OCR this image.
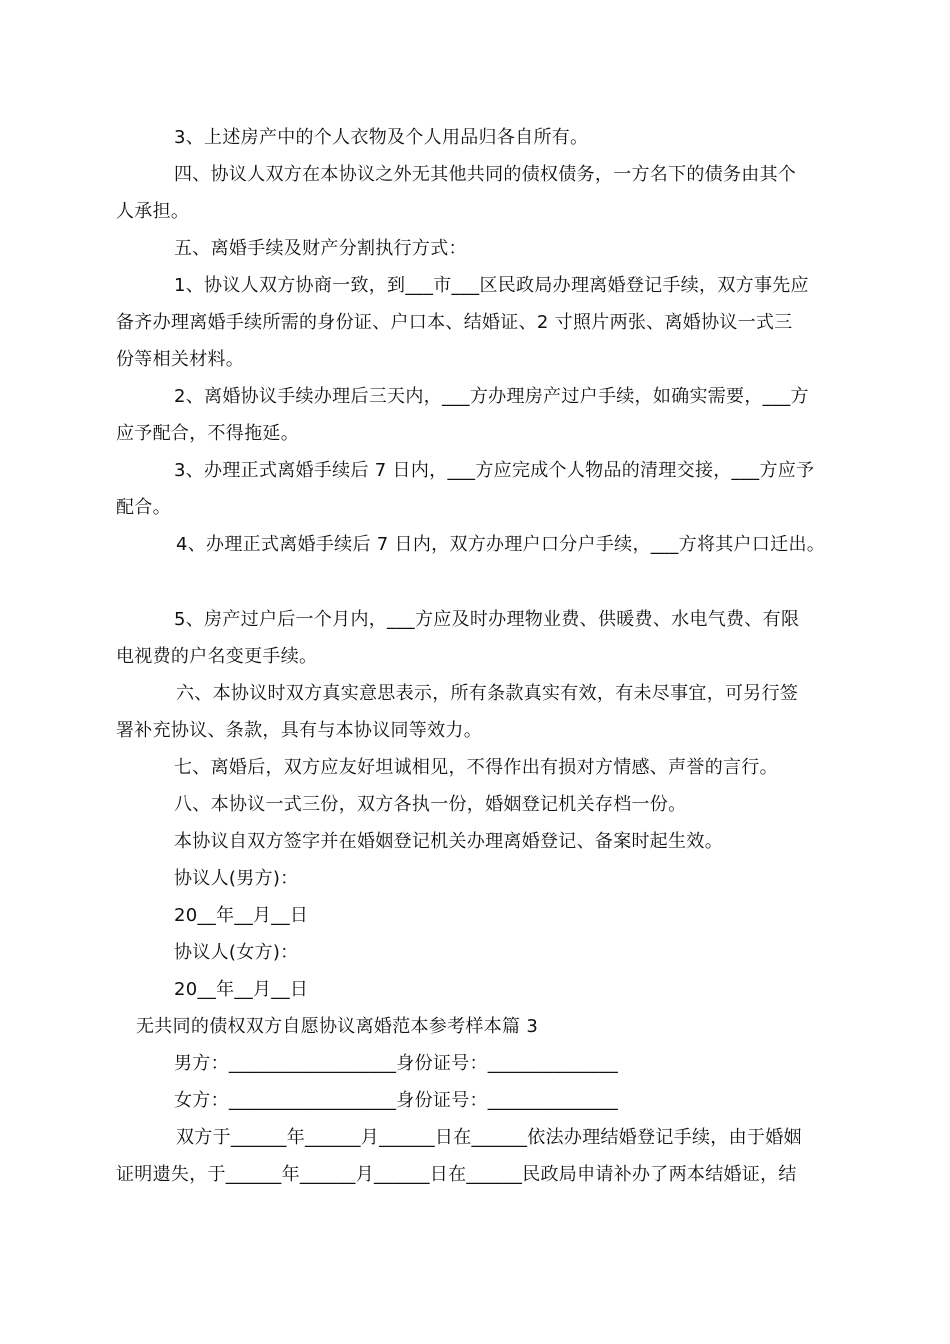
3、上述房产中的个人衣物及个人用品归各自所有。
四、协议人双方在本协议之外无其他共同的债权债务，一方名下的债务由其个
人承担。
五、离婚手续及财产分割执行方式：
1、协议人双方协商一致，到___市___区民政局办理离婚登记手续，双方事先应
备齐办理离婚手续所需的身份证、户口本、结婚证、2 寸照片两张、离婚协议一式三
份等相关材料。
2、离婚协议手续办理后三天内，___方办理房产过户手续，如确实需要，___方
应予配合，不得拖延。
3、办理正式离婚手续后 7 日内，___方应完成个人物品的清理交接，___方应予
配合。
4、办理正式离婚手续后 7 日内，双方办理户口分户手续，___方将其户口迁出。
5、房产过户后一个月内，___方应及时办理物业费、供暖费、水电气费、有限
电视费的户名变更手续。
六、本协议时双方真实意思表示，所有条款真实有效，有未尽事宜，可另行签
署补充协议、条款，具有与本协议同等效力。
七、离婚后，双方应友好坦诚相见，不得作出有损对方情感、声誉的言行。
八、本协议一式三份，双方各执一份，婚姻登记机关存档一份。
本协议自双方签字并在婚姻登记机关办理离婚登记、备案时起生效。
协议人(男方)：
20__年__月__日
协议人(女方)：
20__年__月__日
无共同的债权双方自愿协议离婚范本参考样本篇 3
男方：__________________身份证号：______________
女方：__________________身份证号：______________
双方于______年______月______日在______依法办理结婚登记手续，由于婚姻
证明遗失，于______年______月______日在______民政局申请补办了两本结婚证，结
